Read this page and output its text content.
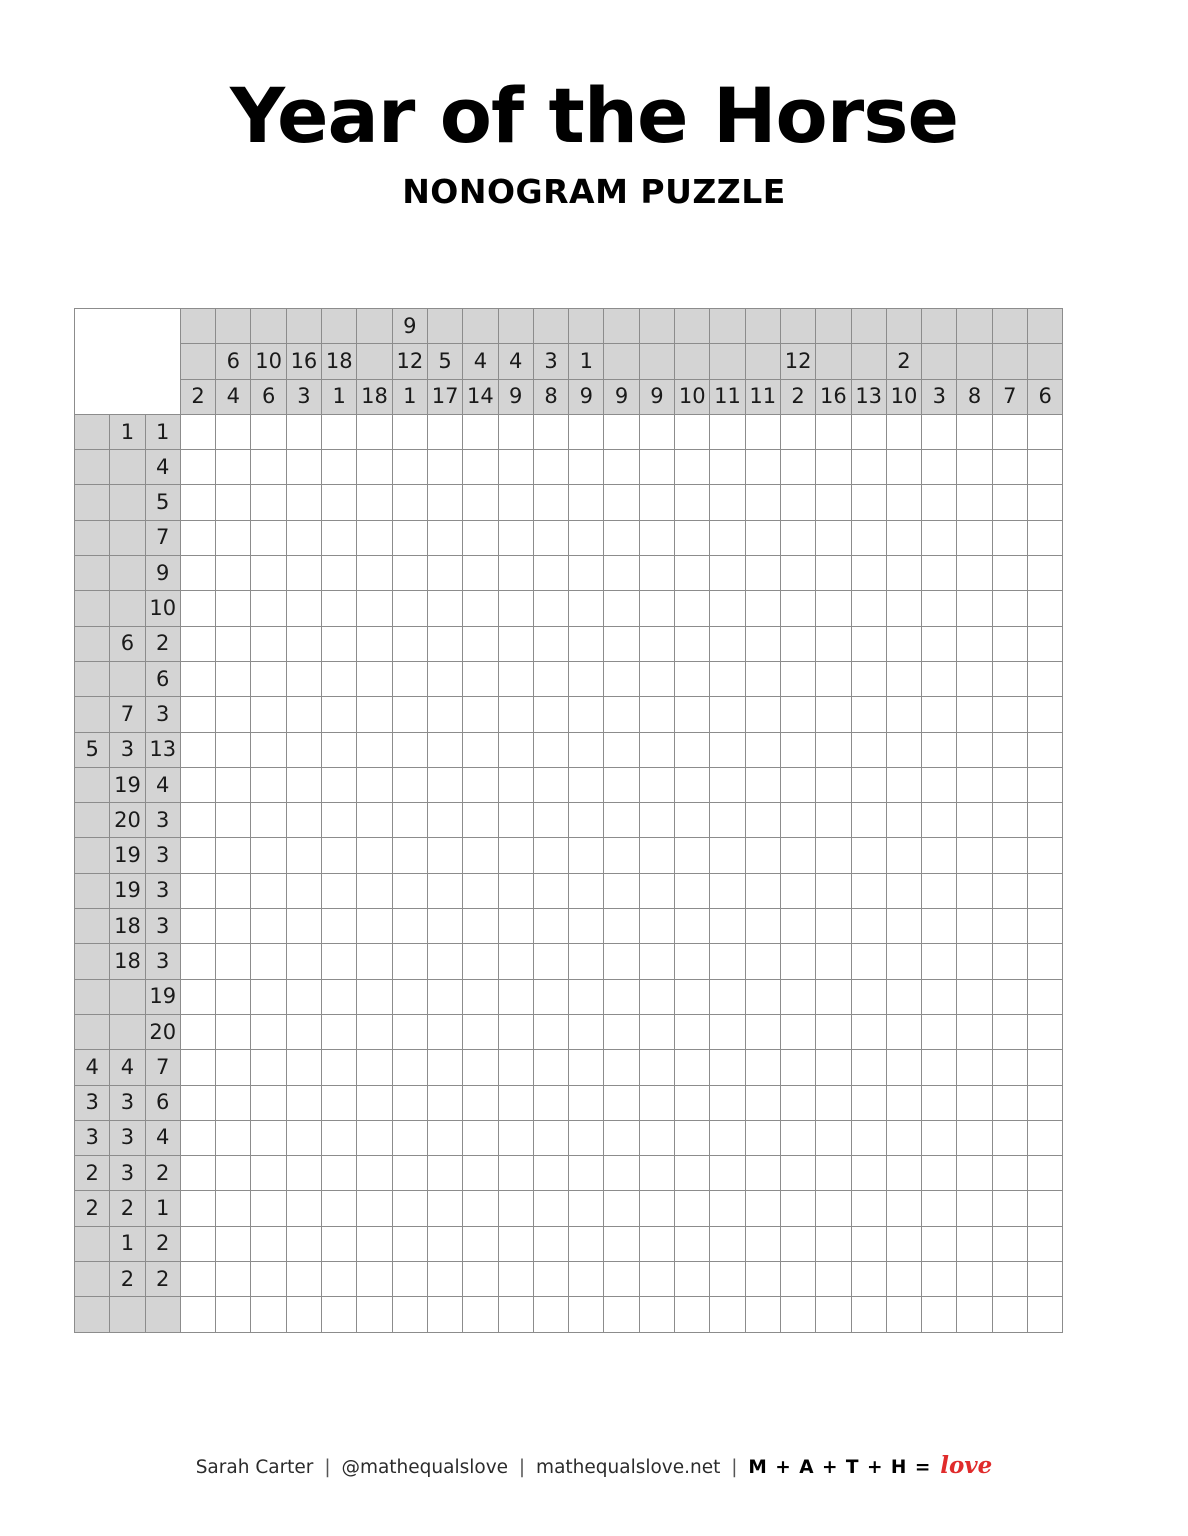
Year of the Horse
NONOGRAM PUZZLE
									9																		
				6	10	16	18		12	5	4	4	3	1						12			2				
			2	4	6	3	1	18	1	17	14	9	8	9	9	9	10	11	11	2	16	13	10	3	8	7	6
	1	1																									
		4																									
		5																									
		7																									
		9																									
		10																									
	6	2																									
		6																									
	7	3																									
5	3	13																									
	19	4																									
	20	3																									
	19	3																									
	19	3																									
	18	3																									
	18	3																									
		19																									
		20																									
4	4	7																									
3	3	6																									
3	3	4																									
2	3	2																									
2	2	1																									
	1	2																									
	2	2																									

Sarah Carter | @mathequalslove | mathequalslove.net | M + A + T + H = love
